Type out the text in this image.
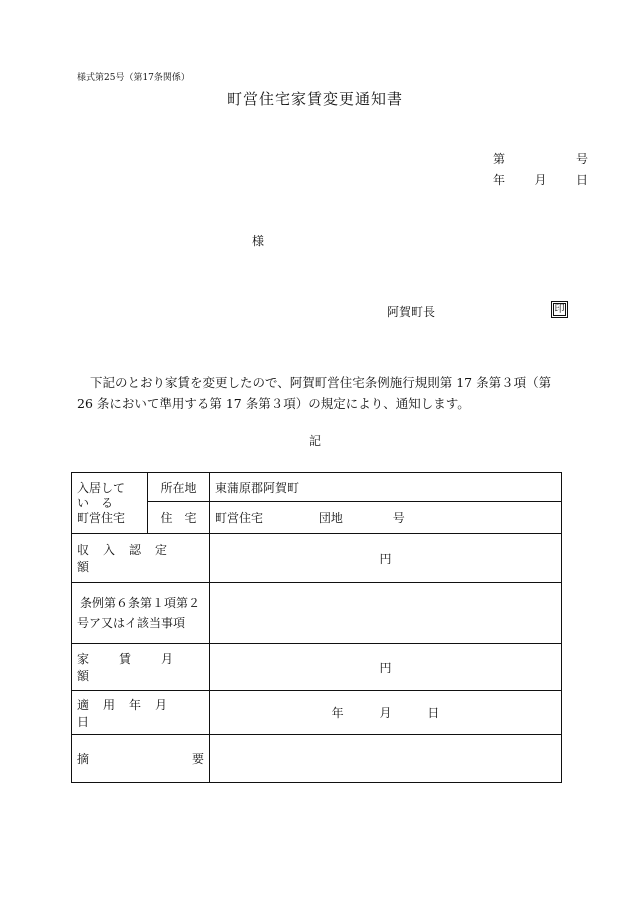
様式第25号（第17条関係）
町営住宅家賃変更通知書
第	号
年 月 日
様
阿賀町長	印

下記のとおり家賃を変更したので、阿賀町営住宅条例施行規則第 17 条第３項（第

26 条において準用する第 17 条第３項）の規定により、通知します。

記
入居して
い　る
町営住宅	所在地	東蒲原郡阿賀町
	住　宅	町営住宅 団地 号

収入認定額		円

条例第６条第１項第２
号ア又はイ該当事項		

家賃月額		円

適用年月日		年 月 日

摘 要		
